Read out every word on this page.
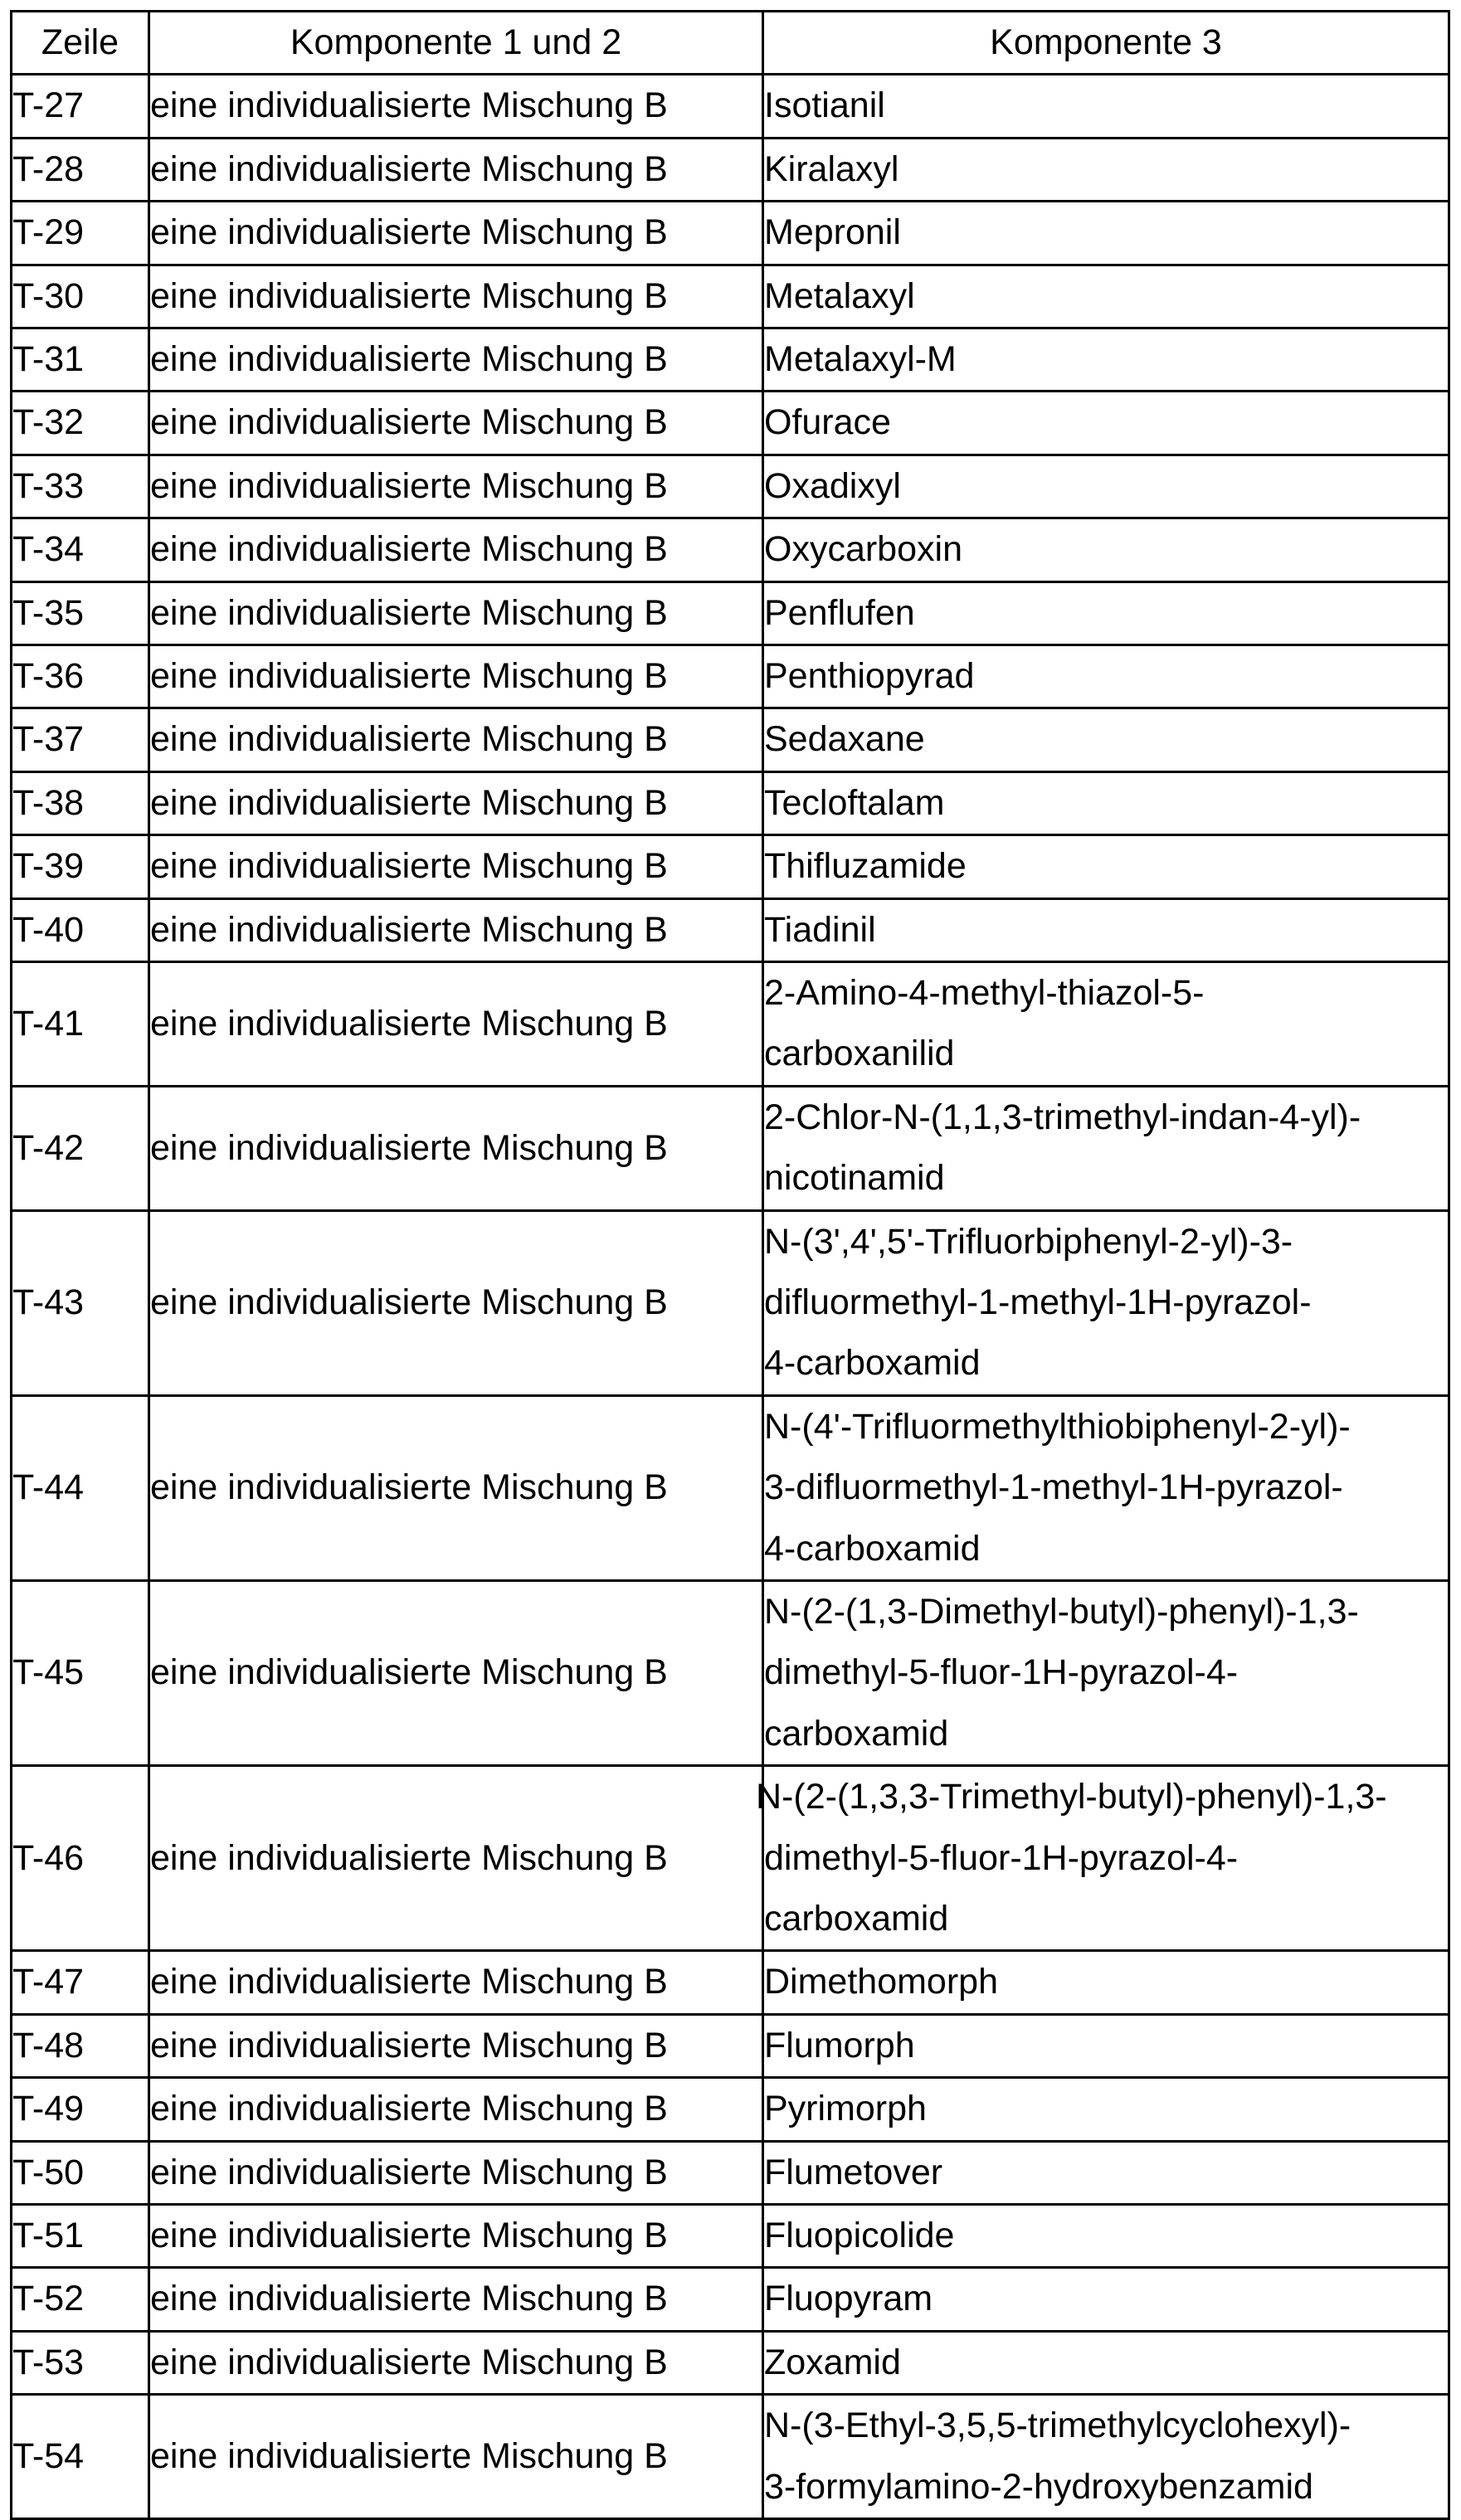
Zeile	Komponente 1 und 2	Komponente 3
T-27	eine individualisierte Mischung B	Isotianil

T-28	eine individualisierte Mischung B	Kiralaxyl

T-29	eine individualisierte Mischung B	Mepronil

T-30	eine individualisierte Mischung B	Metalaxyl

T-31	eine individualisierte Mischung B	Metalaxyl-M

T-32	eine individualisierte Mischung B	Ofurace

T-33	eine individualisierte Mischung B	Oxadixyl

T-34	eine individualisierte Mischung B	Oxycarboxin

T-35	eine individualisierte Mischung B	Penflufen

T-36	eine individualisierte Mischung B	Penthiopyrad

T-37	eine individualisierte Mischung B	Sedaxane

T-38	eine individualisierte Mischung B	Tecloftalam

T-39	eine individualisierte Mischung B	Thifluzamide

T-40	eine individualisierte Mischung B	Tiadinil

T-41	eine individualisierte Mischung B	2-Amino-4-methyl-thiazol-5-
carboxanilid

T-42	eine individualisierte Mischung B	2-Chlor-N-(1,1,3-trimethyl-indan-4-yl)-
nicotinamid

T-43	eine individualisierte Mischung B	N-(3',4',5'-Trifluorbiphenyl-2-yl)-3-
difluormethyl-1-methyl-1H-pyrazol-
4-carboxamid

T-44	eine individualisierte Mischung B	N-(4'-Trifluormethylthiobiphenyl-2-yl)-
3-difluormethyl-1-methyl-1H-pyrazol-
4-carboxamid

T-45	eine individualisierte Mischung B	N-(2-(1,3-Dimethyl-butyl)-phenyl)-1,3-
dimethyl-5-fluor-1H-pyrazol-4-
carboxamid

T-46	eine individualisierte Mischung B	N-(2-(1,3,3-Trimethyl-butyl)-phenyl)-1,3-
dimethyl-5-fluor-1H-pyrazol-4-
carboxamid

T-47	eine individualisierte Mischung B	Dimethomorph

T-48	eine individualisierte Mischung B	Flumorph

T-49	eine individualisierte Mischung B	Pyrimorph

T-50	eine individualisierte Mischung B	Flumetover

T-51	eine individualisierte Mischung B	Fluopicolide

T-52	eine individualisierte Mischung B	Fluopyram

T-53	eine individualisierte Mischung B	Zoxamid

T-54	eine individualisierte Mischung B	N-(3-Ethyl-3,5,5-trimethylcyclohexyl)-
3-formylamino-2-hydroxybenzamid
